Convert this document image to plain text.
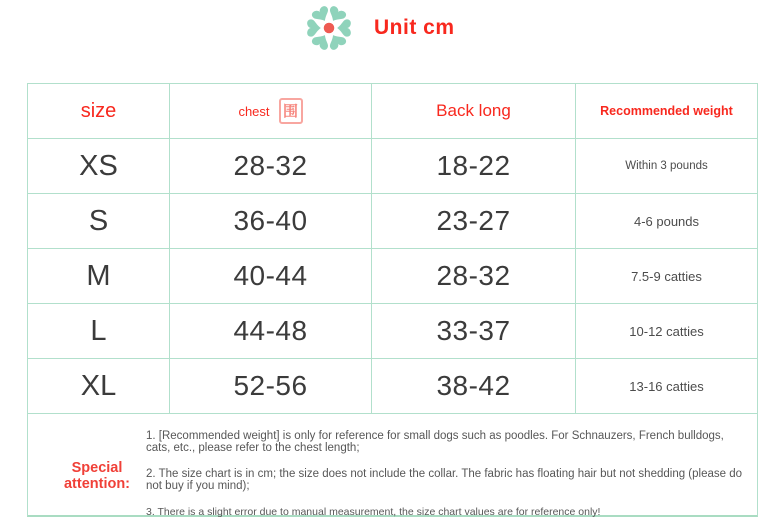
Unit cm
size	chest 围	Back long	Recommended weight
XS	28-32	18-22	Within 3 pounds
S	36-40	23-27	4-6 pounds
M	40-44	28-32	7.5-9 catties
L	44-48	33-37	10-12 catties
XL	52-56	38-42	13-16 catties
Special attention:
1. [Recommended weight] is only for reference for small dogs such as poodles. For Schnauzers, French bulldogs, cats, etc., please refer to the chest length;
2. The size chart is in cm; the size does not include the collar. The fabric has floating hair but not shedding (please do not buy if you mind);
3. There is a slight error due to manual measurement, the size chart values are for reference only!
